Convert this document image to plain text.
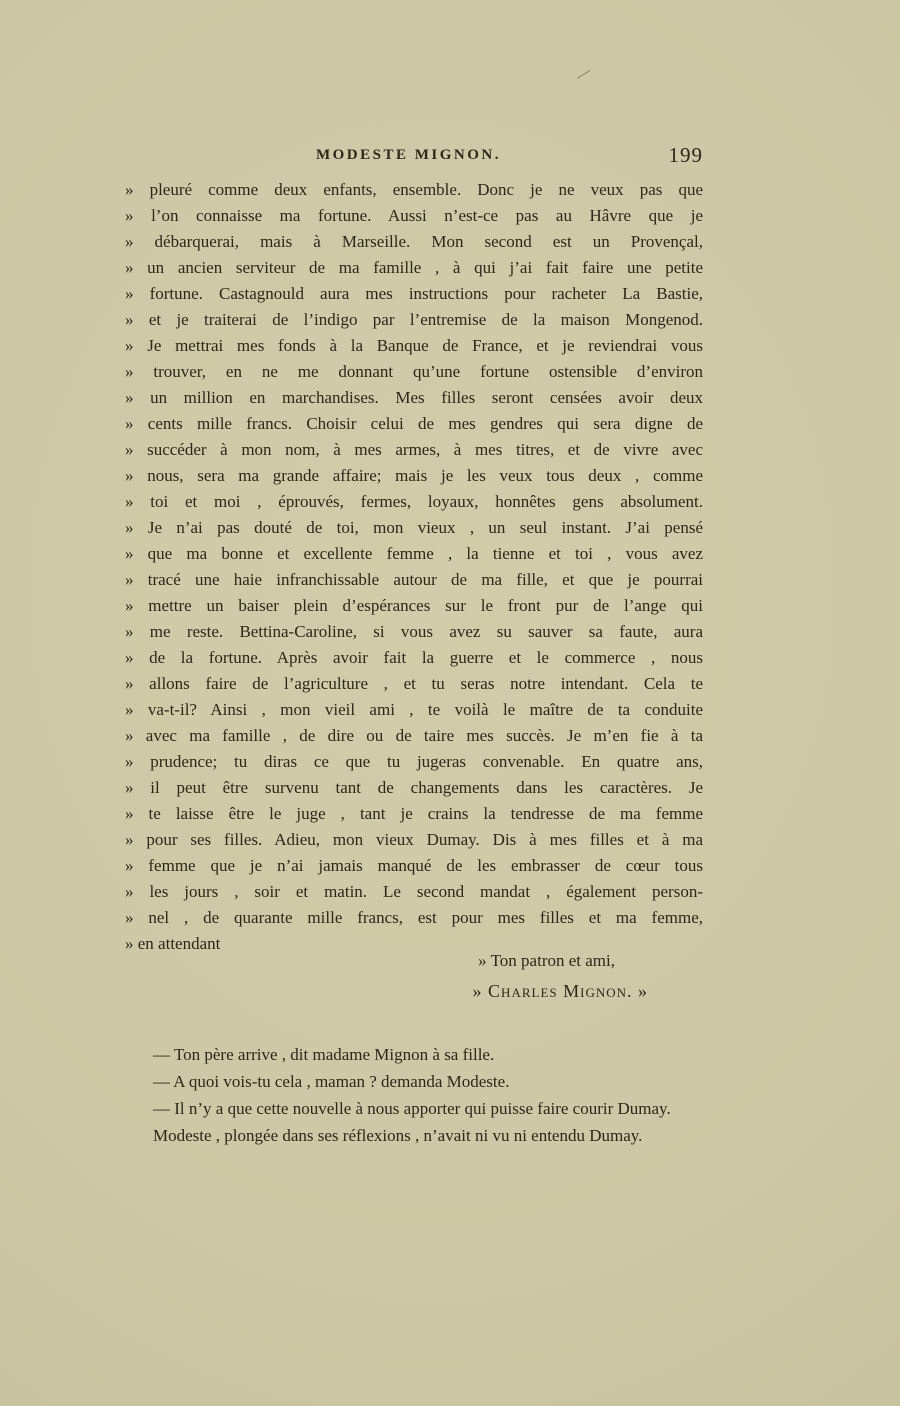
MODESTE MIGNON.	199
» pleuré comme deux enfants, ensemble. Donc je ne veux pas que
» l’on connaisse ma fortune. Aussi n’est-ce pas au Hâvre que je
» débarquerai, mais à Marseille. Mon second est un Provençal,
» un ancien serviteur de ma famille , à qui j’ai fait faire une petite
» fortune. Castagnould aura mes instructions pour racheter La Bastie,
» et je traiterai de l’indigo par l’entremise de la maison Mongenod.
» Je mettrai mes fonds à la Banque de France, et je reviendrai vous
» trouver, en ne me donnant qu’une fortune ostensible d’environ
» un million en marchandises. Mes filles seront censées avoir deux
» cents mille francs. Choisir celui de mes gendres qui sera digne de
» succéder à mon nom, à mes armes, à mes titres, et de vivre avec
» nous, sera ma grande affaire; mais je les veux tous deux , comme
» toi et moi , éprouvés, fermes, loyaux, honnêtes gens absolument.
» Je n’ai pas douté de toi, mon vieux , un seul instant. J’ai pensé
» que ma bonne et excellente femme , la tienne et toi , vous avez
» tracé une haie infranchissable autour de ma fille, et que je pourrai
» mettre un baiser plein d’espérances sur le front pur de l’ange qui
» me reste. Bettina-Caroline, si vous avez su sauver sa faute, aura
» de la fortune. Après avoir fait la guerre et le commerce , nous
» allons faire de l’agriculture , et tu seras notre intendant. Cela te
» va-t-il? Ainsi , mon vieil ami , te voilà le maître de ta conduite
» avec ma famille , de dire ou de taire mes succès. Je m’en fie à ta
» prudence; tu diras ce que tu jugeras convenable. En quatre ans,
» il peut être survenu tant de changements dans les caractères. Je
» te laisse être le juge , tant je crains la tendresse de ma femme
» pour ses filles. Adieu, mon vieux Dumay. Dis à mes filles et à ma
» femme que je n’ai jamais manqué de les embrasser de cœur tous
» les jours , soir et matin. Le second mandat , également person-
» nel , de quarante mille francs, est pour mes filles et ma femme,
» en attendant
» Ton patron et ami,
» Charles Mignon. »

— Ton père arrive , dit madame Mignon à sa fille.

— A quoi vois-tu cela , maman ? demanda Modeste.

— Il n’y a que cette nouvelle à nous apporter qui puisse faire courir Dumay.

Modeste , plongée dans ses réflexions , n’avait ni vu ni entendu Dumay.
